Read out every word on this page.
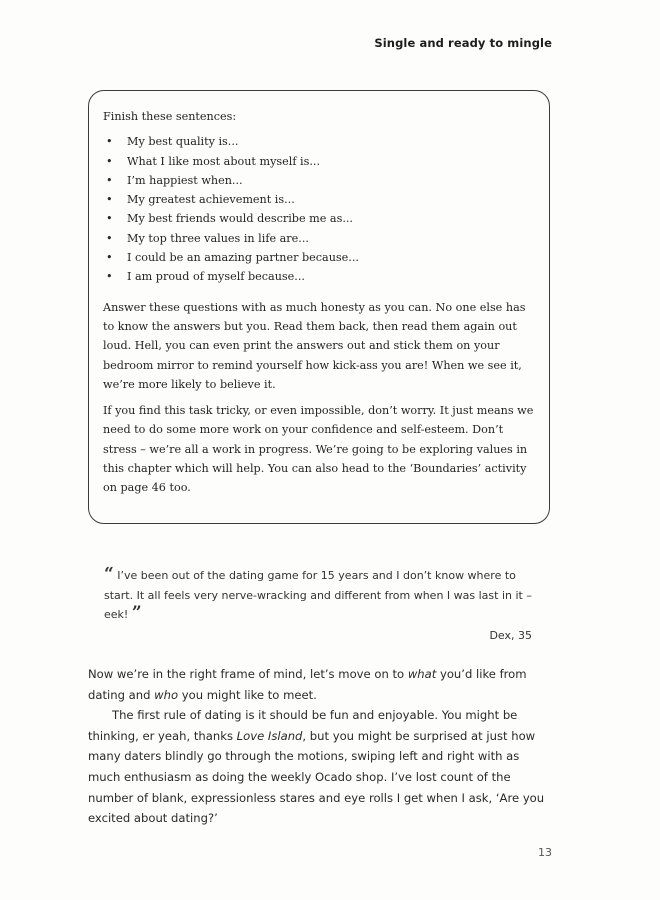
Single and ready to mingle

Finish these sentences:

• My best quality is...
• What I like most about myself is...
• I’m happiest when...
• My greatest achievement is...
• My best friends would describe me as...
• My top three values in life are...
• I could be an amazing partner because...
• I am proud of myself because...

Answer these questions with as much honesty as you can. No one else has to know the answers but you. Read them back, then read them again out loud. Hell, you can even print the answers out and stick them on your bedroom mirror to remind yourself how kick-ass you are! When we see it, we’re more likely to believe it.

If you find this task tricky, or even impossible, don’t worry. It just means we need to do some more work on your confidence and self-esteem. Don’t stress – we’re all a work in progress. We’re going to be exploring values in this chapter which will help. You can also head to the ‘Boundaries’ activity on page 46 too.

“ I’ve been out of the dating game for 15 years and I don’t know where to start. It all feels very nerve-wracking and different from when I was last in it – eek! ”
Dex, 35

Now we’re in the right frame of mind, let’s move on to what you’d like from dating and who you might like to meet.

The first rule of dating is it should be fun and enjoyable. You might be thinking, er yeah, thanks Love Island, but you might be surprised at just how many daters blindly go through the motions, swiping left and right with as much enthusiasm as doing the weekly Ocado shop. I’ve lost count of the number of blank, expressionless stares and eye rolls I get when I ask, ‘Are you excited about dating?’

13
